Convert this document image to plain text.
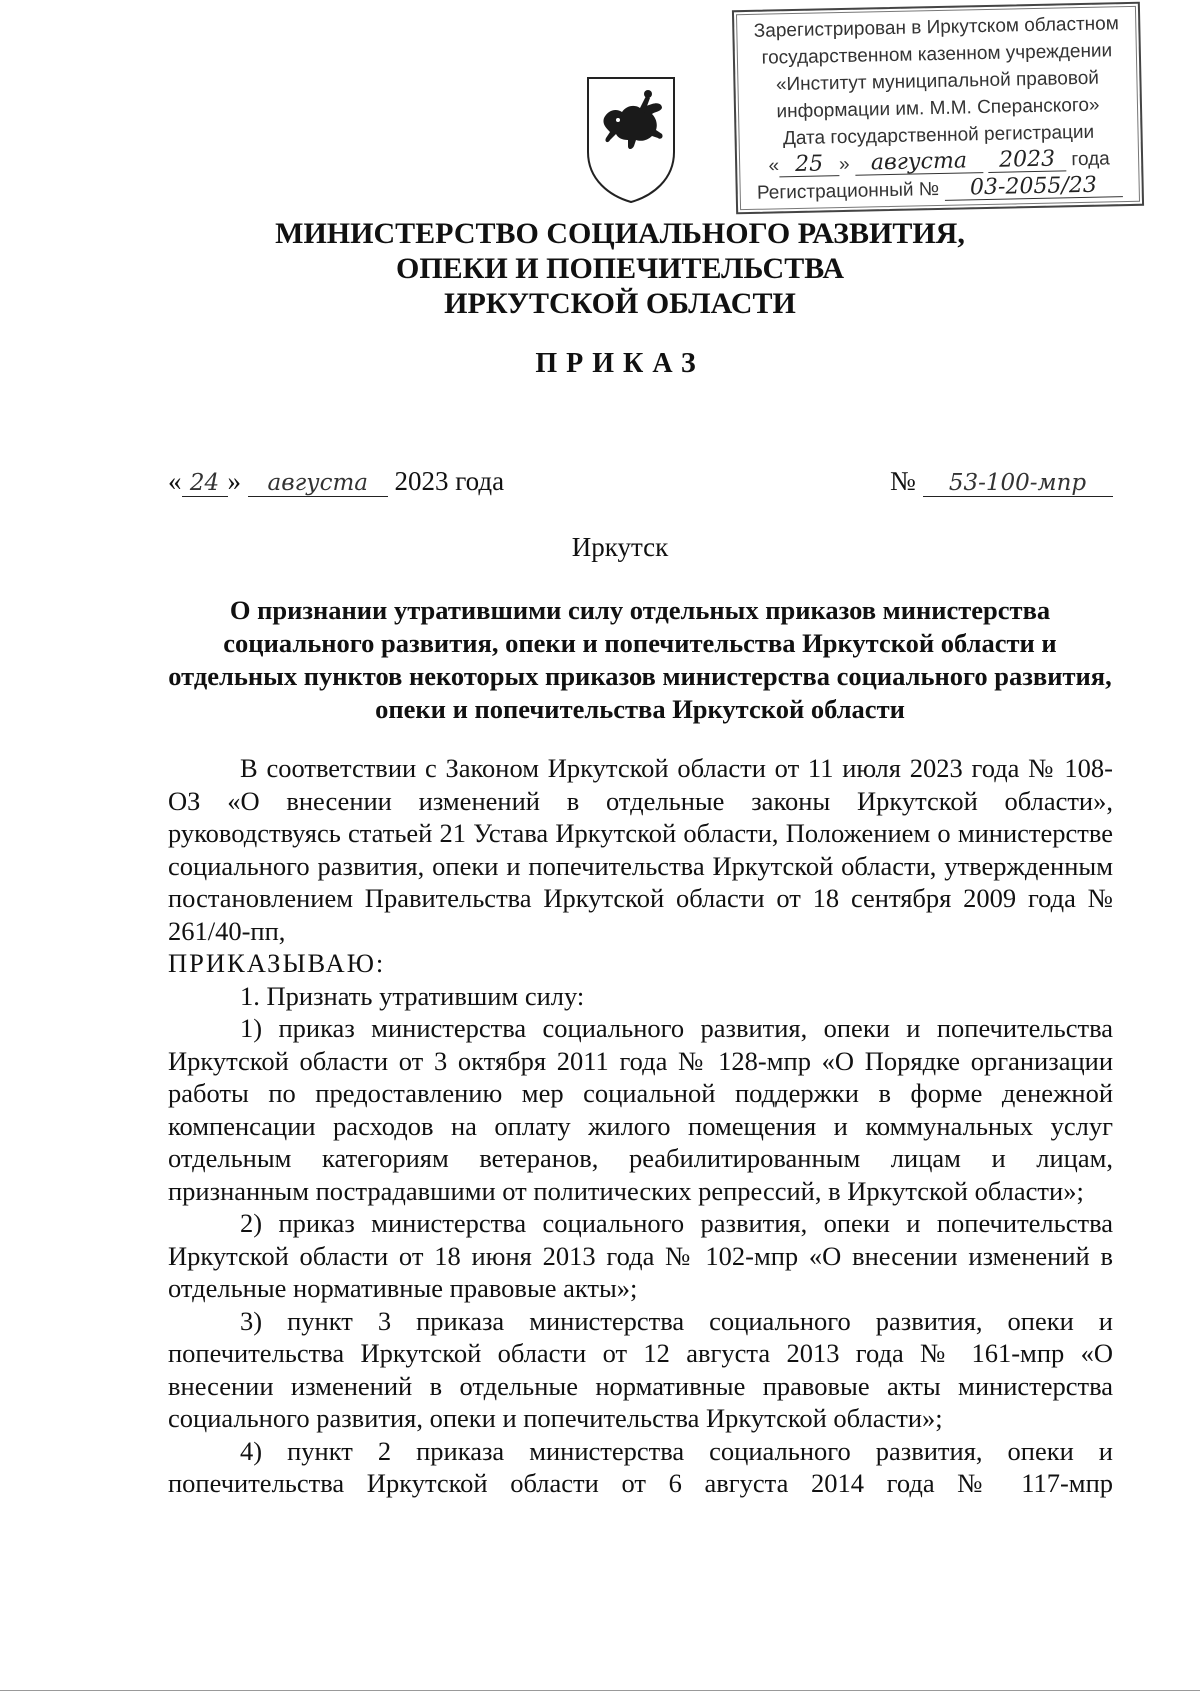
Зарегистрирован в Иркутском областном
государственном казенном учреждении
«Институт муниципальной правовой
информации им. М.М. Сперанского»
Дата государственной регистрации
« 25 » августа 2023 года
Регистрационный № 03-2055/23
МИНИСТЕРСТВО СОЦИАЛЬНОГО РАЗВИТИЯ,
ОПЕКИ И ПОПЕЧИТЕЛЬСТВА
ИРКУТСКОЙ ОБЛАСТИ
ПРИКАЗ
« 24 » августа 2023 года	№ 53-100-мпр
Иркутск
О признании утратившими силу отдельных приказов министерства социального развития, опеки и попечительства Иркутской области и отдельных пунктов некоторых приказов министерства социального развития, опеки и попечительства Иркутской области

В соответствии с Законом Иркутской области от 11 июля 2023 года № 108-ОЗ «О внесении изменений в отдельные законы Иркутской области», руководствуясь статьей 21 Устава Иркутской области, Положением о министерстве социального развития, опеки и попечительства Иркутской области, утвержденным постановлением Правительства Иркутской области от 18 сентября 2009 года № 261/40-пп,

ПРИКАЗЫВАЮ:

1. Признать утратившим силу:

1) приказ министерства социального развития, опеки и попечительства Иркутской области от 3 октября 2011 года № 128-мпр «О Порядке организации работы по предоставлению мер социальной поддержки в форме денежной компенсации расходов на оплату жилого помещения и коммунальных услуг отдельным категориям ветеранов, реабилитированным лицам и лицам, признанным пострадавшими от политических репрессий, в Иркутской области»;

2) приказ министерства социального развития, опеки и попечительства Иркутской области от 18 июня 2013 года № 102-мпр «О внесении изменений в отдельные нормативные правовые акты»;

3) пункт 3 приказа министерства социального развития, опеки и попечительства Иркутской области от 12 августа 2013 года № 161-мпр «О внесении изменений в отдельные нормативные правовые акты министерства социального развития, опеки и попечительства Иркутской области»;

4) пункт 2 приказа министерства социального развития, опеки и попечительства Иркутской области от 6 августа 2014 года № 117-мпр
